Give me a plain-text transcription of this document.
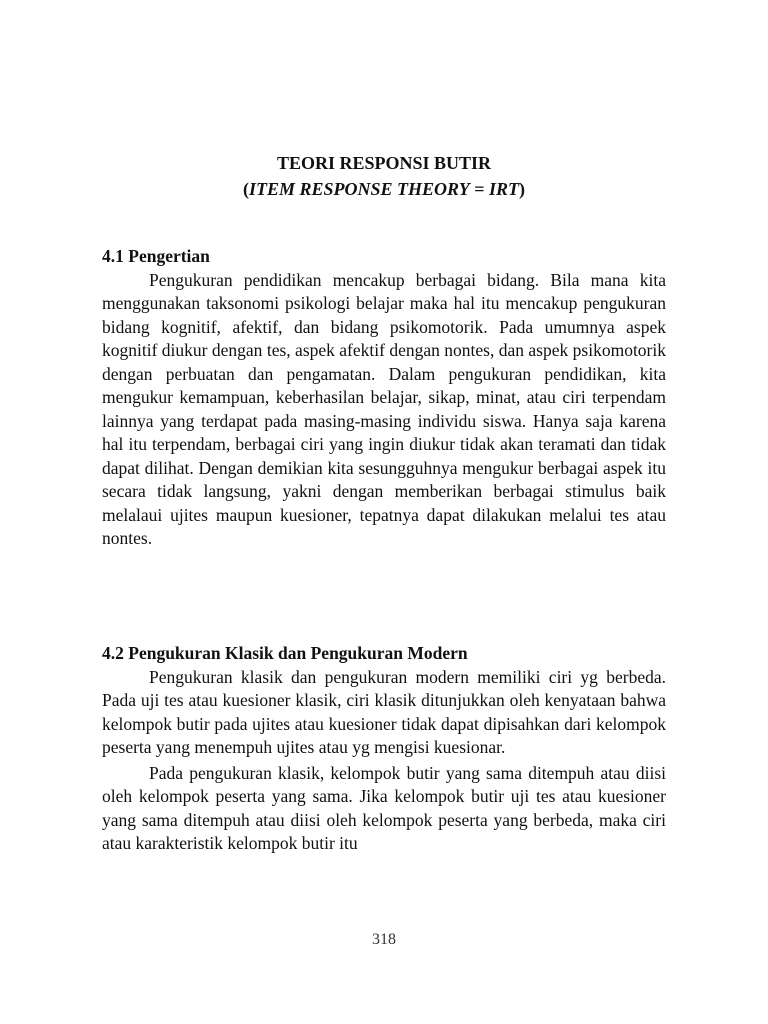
TEORI RESPONSI BUTIR
(ITEM RESPONSE THEORY = IRT)

4.1 Pengertian

Pengukuran pendidikan mencakup berbagai bidang. Bila mana kita menggunakan taksonomi psikologi belajar maka hal itu mencakup pengukuran bidang kognitif, afektif, dan bidang psikomotorik. Pada umumnya aspek kognitif diukur dengan tes, aspek afektif dengan nontes, dan aspek psikomotorik dengan perbuatan dan pengamatan. Dalam pengukuran pendidikan, kita mengukur kemampuan, keberhasilan belajar, sikap, minat, atau ciri terpendam lainnya yang terdapat pada masing-masing individu siswa. Hanya saja karena hal itu terpendam, berbagai ciri yang ingin diukur tidak akan teramati dan tidak dapat dilihat. Dengan demikian kita sesungguhnya mengukur berbagai aspek itu secara tidak langsung, yakni dengan memberikan berbagai stimulus baik melalaui ujites maupun kuesioner, tepatnya dapat dilakukan melalui tes atau nontes.

4.2 Pengukuran Klasik dan Pengukuran Modern

Pengukuran klasik dan pengukuran modern memiliki ciri yg berbeda. Pada uji tes atau kuesioner klasik, ciri klasik ditunjukkan oleh kenyataan bahwa kelompok butir pada ujites atau kuesioner tidak dapat dipisahkan dari kelompok peserta yang menempuh ujites atau yg mengisi kuesionar.

Pada pengukuran klasik, kelompok butir yang sama ditempuh atau diisi oleh kelompok peserta yang sama. Jika kelompok butir uji tes atau kuesioner yang sama ditempuh atau diisi oleh kelompok peserta yang berbeda, maka ciri atau karakteristik kelompok butir itu

318
